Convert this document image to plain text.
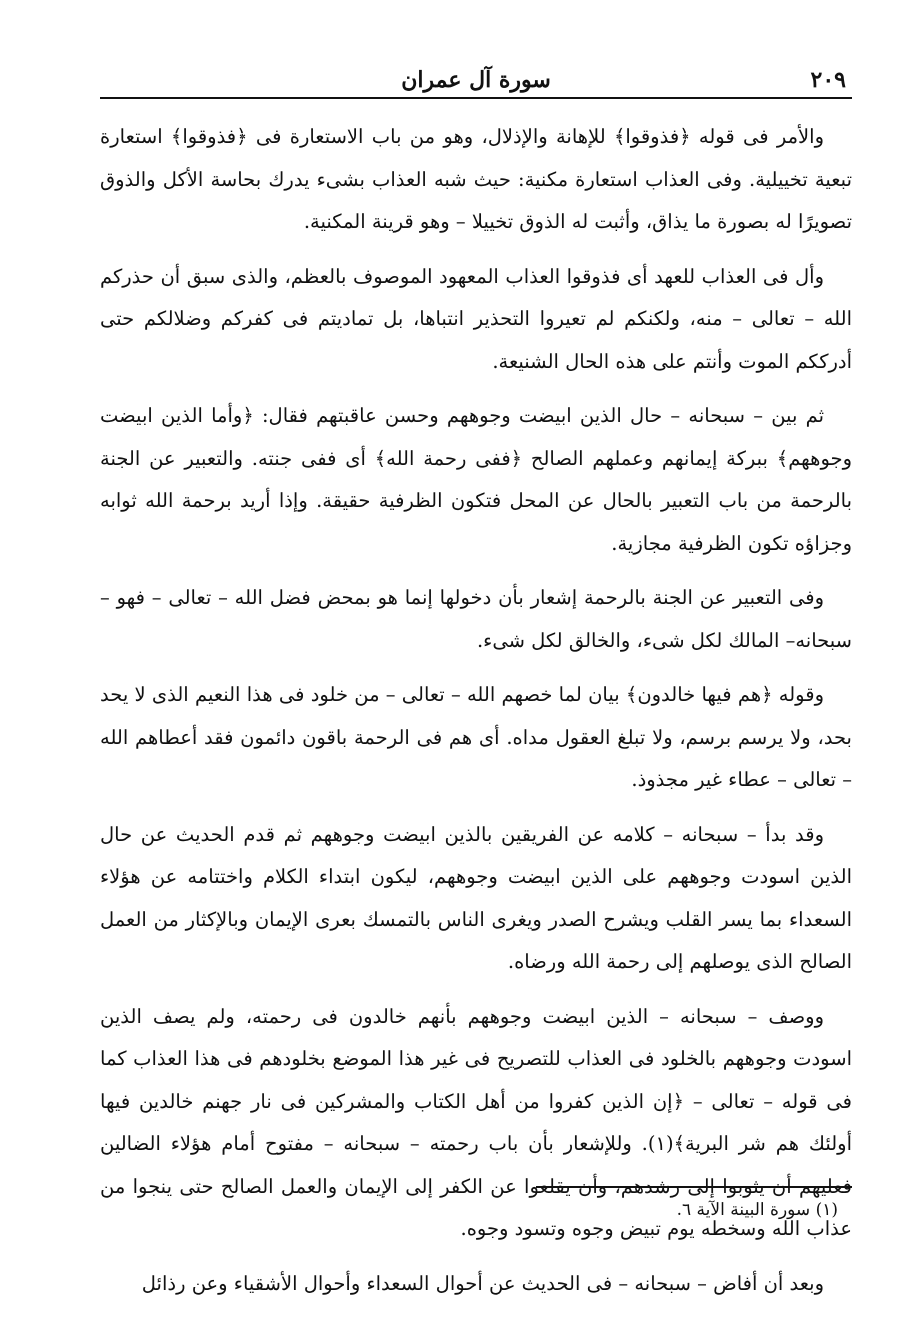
٢٠٩
سورة آل عمران

والأمر فى قوله ﴿فذوقوا﴾ للإهانة والإذلال، وهو من باب الاستعارة فى ﴿فذوقوا﴾ استعارة تبعية تخييلية. وفى العذاب استعارة مكنية: حيث شبه العذاب بشىء يدرك بحاسة الأكل والذوق تصويرًا له بصورة ما يذاق، وأثبت له الذوق تخييلا – وهو قرينة المكنية.

وأل فى العذاب للعهد أى فذوقوا العذاب المعهود الموصوف بالعظم، والذى سبق أن حذركم الله – تعالى – منه، ولكنكم لم تعيروا التحذير انتباها، بل تماديتم فى كفركم وضلالكم حتى أدرككم الموت وأنتم على هذه الحال الشنيعة.

ثم بين – سبحانه – حال الذين ابيضت وجوههم وحسن عاقبتهم فقال: ﴿وأما الذين ابيضت وجوههم﴾ ببركة إيمانهم وعملهم الصالح ﴿ففى رحمة الله﴾ أى ففى جنته. والتعبير عن الجنة بالرحمة من باب التعبير بالحال عن المحل فتكون الظرفية حقيقة. وإذا أريد برحمة الله ثوابه وجزاؤه تكون الظرفية مجازية.

وفى التعبير عن الجنة بالرحمة إشعار بأن دخولها إنما هو بمحض فضل الله – تعالى – فهو –سبحانه– المالك لكل شىء، والخالق لكل شىء.

وقوله ﴿هم فيها خالدون﴾ بيان لما خصهم الله – تعالى – من خلود فى هذا النعيم الذى لا يحد بحد، ولا يرسم برسم، ولا تبلغ العقول مداه. أى هم فى الرحمة باقون دائمون فقد أعطاهم الله – تعالى – عطاء غير مجذوذ.

وقد بدأ – سبحانه – كلامه عن الفريقين بالذين ابيضت وجوههم ثم قدم الحديث عن حال الذين اسودت وجوههم على الذين ابيضت وجوههم، ليكون ابتداء الكلام واختتامه عن هؤلاء السعداء بما يسر القلب ويشرح الصدر ويغرى الناس بالتمسك بعرى الإيمان وبالإكثار من العمل الصالح الذى يوصلهم إلى رحمة الله ورضاه.

ووصف – سبحانه – الذين ابيضت وجوههم بأنهم خالدون فى رحمته، ولم يصف الذين اسودت وجوههم بالخلود فى العذاب للتصريح فى غير هذا الموضع بخلودهم فى هذا العذاب كما فى قوله – تعالى – ﴿إن الذين كفروا من أهل الكتاب والمشركين فى نار جهنم خالدين فيها أولئك هم شر البرية﴾(١). وللإشعار بأن باب رحمته – سبحانه – مفتوح أمام هؤلاء الضالين فعليهم أن يثوبوا إلى رشدهم، وأن يقلعوا عن الكفر إلى الإيمان والعمل الصالح حتى ينجوا من عذاب الله وسخطه يوم تبيض وجوه وتسود وجوه.

وبعد أن أفاض – سبحانه – فى الحديث عن أحوال السعداء وأحوال الأشقياء وعن رذائل

(١) سورة البينة الآية ٦.
